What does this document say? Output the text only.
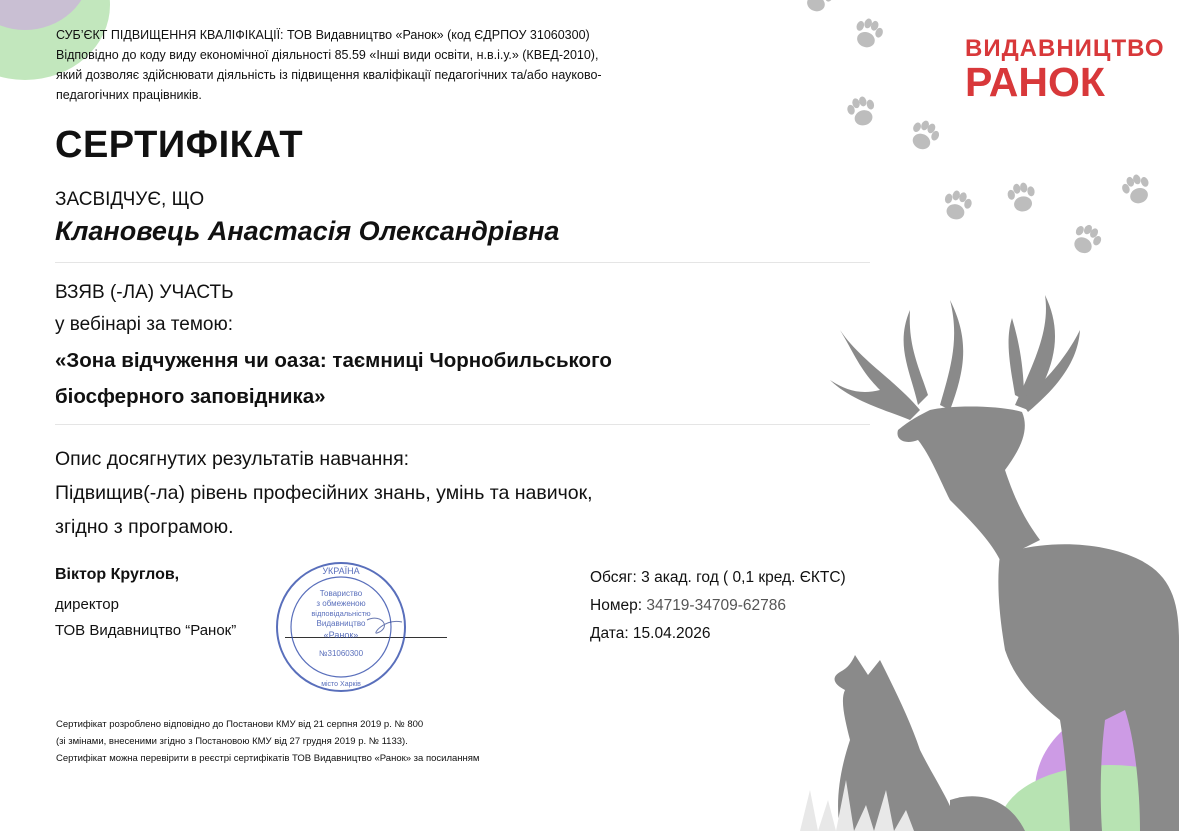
СУБ’ЄКТ ПІДВИЩЕННЯ КВАЛІФІКАЦІЇ: ТОВ Видавництво «Ранок» (код ЄДРПОУ 31060300)
Відповідно до коду виду економічної діяльності 85.59 «Інші види освіти, н.в.і.у.» (КВЕД-2010),
який дозволяє здійснювати діяльність із підвищення кваліфікації педагогічних та/або науково-
педагогічних працівників.
ВИДАВНИЦТВО
РАНОК
СЕРТИФІКАТ
ЗАСВІДЧУЄ, ЩО
Клановець Анастасія Олександрівна
ВЗЯВ (-ЛА) УЧАСТЬ
у вебінарі за темою:
«Зона відчуження чи оаза: таємниці Чорнобильського
біосферного заповідника»
Опис досягнутих результатів навчання:
Підвищив(-ла) рівень професійних знань, умінь та навичок,
згідно з програмою.
Віктор Круглов,
директор
ТОВ Видавництво “Ранок”
УКРАЇНА
Товариство
з обмеженою
відповідальністю
Видавництво
«Ранок»
№31060300
місто Харків
Обсяг: 3 акад. год ( 0,1 кред. ЄКТС)
Номер: 34719-34709-62786
Дата: 15.04.2026
Сертифікат розроблено відповідно до Постанови КМУ від 21 серпня 2019 р. № 800
(зі змінами, внесеними згідно з Постановою КМУ від 27 грудня 2019 р. № 1133).
Сертифікат можна перевірити в реєстрі сертифікатів ТОВ Видавництво «Ранок» за посиланням
